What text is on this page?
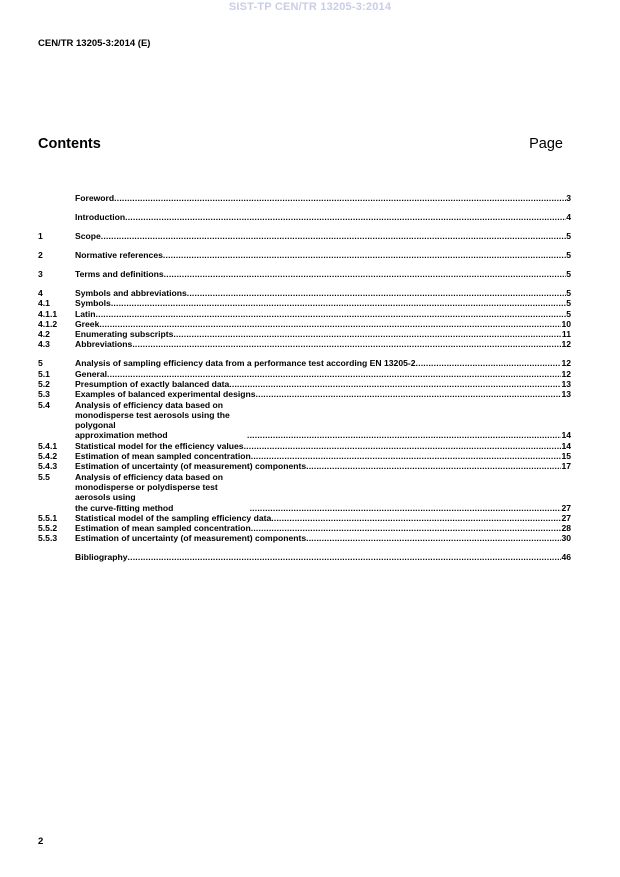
SIST-TP CEN/TR 13205-3:2014
CEN/TR 13205-3:2014 (E)
Contents	Page
Foreword .....	3
Introduction .....	4
1	Scope .....	5
2	Normative references .....	5
3	Terms and definitions .....	5
4	Symbols and abbreviations .....	5
4.1	Symbols .....	5
4.1.1	Latin .....	5
4.1.2	Greek .....	10
4.2	Enumerating subscripts .....	11
4.3	Abbreviations .....	12
5	Analysis of sampling efficiency data from a performance test according EN 13205-2 .....	12
5.1	General .....	12
5.2	Presumption of exactly balanced data .....	13
5.3	Examples of balanced experimental designs .....	13
5.4	Analysis of efficiency data based on monodisperse test aerosols using the polygonal
approximation method .....	14
5.4.1	Statistical model for the efficiency values .....	14
5.4.2	Estimation of mean sampled concentration .....	15
5.4.3	Estimation of uncertainty (of measurement) components .....	17
5.5	Analysis of efficiency data based on monodisperse or polydisperse test aerosols using
the curve-fitting method .....	27
5.5.1	Statistical model of the sampling efficiency data .....	27
5.5.2	Estimation of mean sampled concentration .....	28
5.5.3	Estimation of uncertainty (of measurement) components .....	30
Bibliography .....	46
2
